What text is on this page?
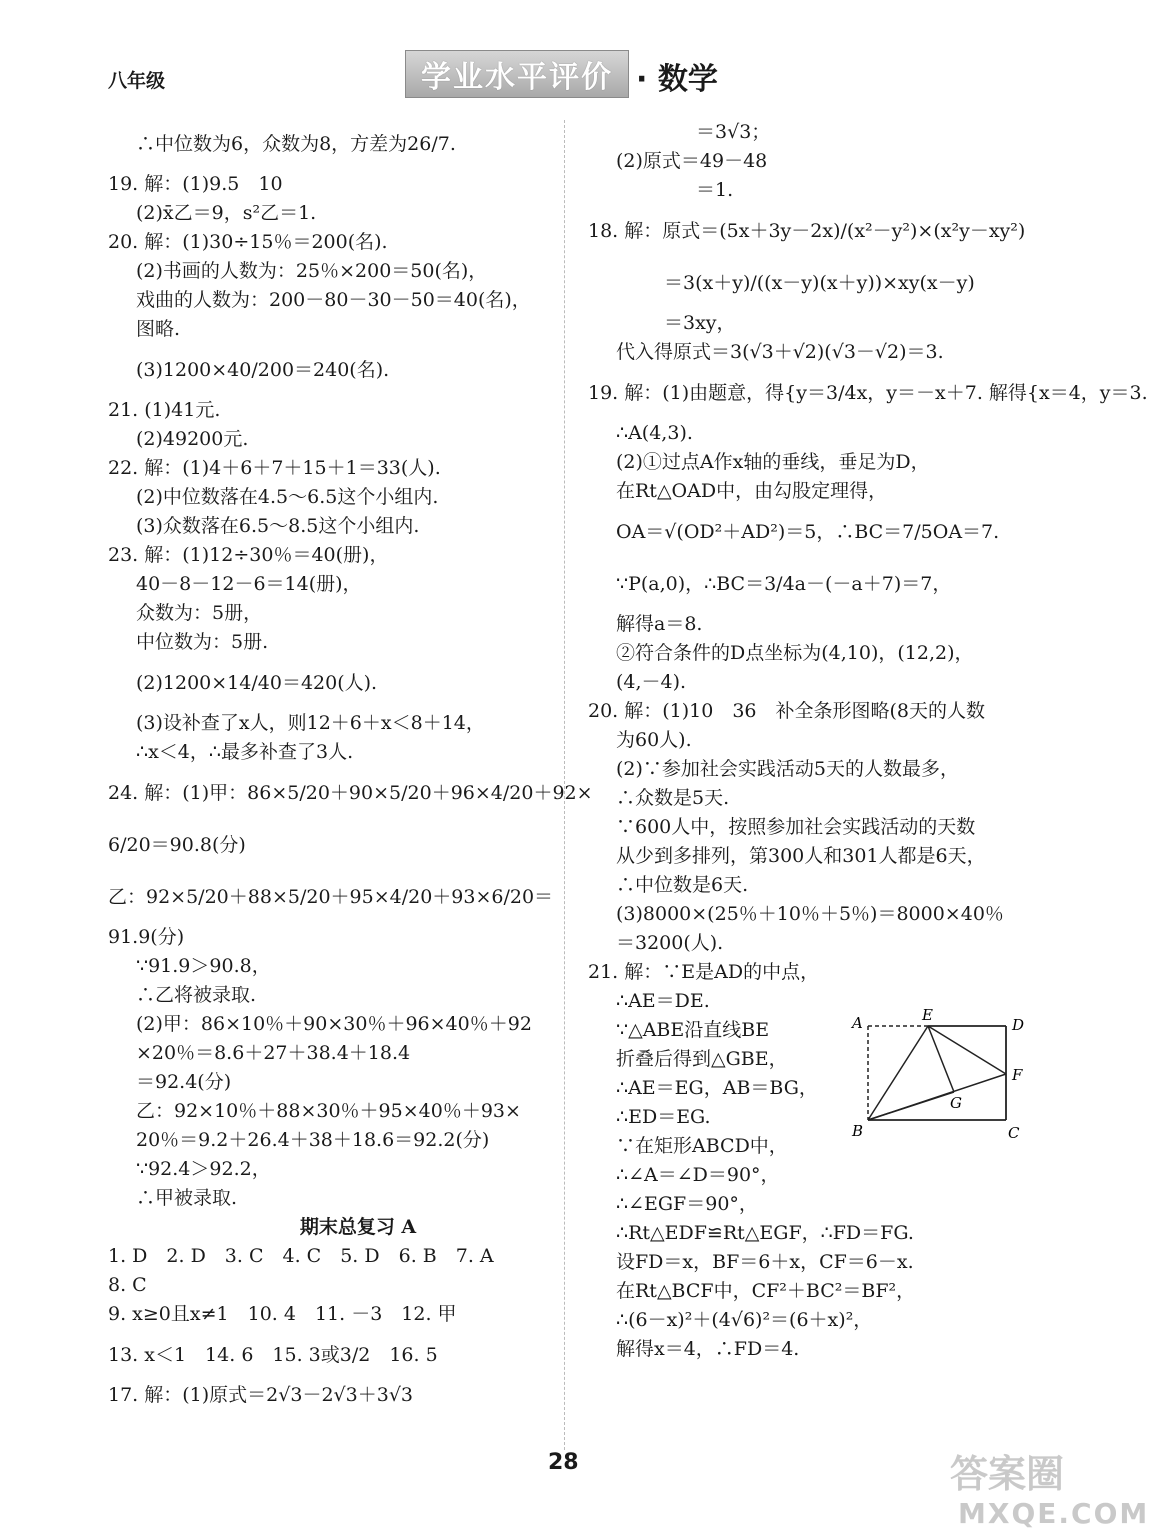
八年级	学业水平评价 · 数学
∴中位数为6，众数为8，方差为26/7.
19. 解：(1)9.5　10
(2)x̄乙＝9，s²乙＝1.
20. 解：(1)30÷15％＝200(名).
(2)书画的人数为：25％×200＝50(名)，
戏曲的人数为：200－80－30－50＝40(名)，
图略.
(3)1200×40/200＝240(名).
21. (1)41元.
(2)49200元.
22. 解：(1)4＋6＋7＋15＋1＝33(人).
(2)中位数落在4.5～6.5这个小组内.
(3)众数落在6.5～8.5这个小组内.
23. 解：(1)12÷30％＝40(册)，
40－8－12－6＝14(册)，
众数为：5册，
中位数为：5册.
(2)1200×14/40＝420(人).
(3)设补查了x人，则12＋6＋x＜8＋14，
∴x＜4，∴最多补查了3人.
24. 解：(1)甲：86×5/20＋90×5/20＋96×4/20＋92×
6/20＝90.8(分)
乙：92×5/20＋88×5/20＋95×4/20＋93×6/20＝
91.9(分)
∵91.9＞90.8，
∴乙将被录取.
(2)甲：86×10％＋90×30％＋96×40％＋92
×20％＝8.6＋27＋38.4＋18.4
＝92.4(分)
乙：92×10％＋88×30％＋95×40％＋93×
20％＝9.2＋26.4＋38＋18.6＝92.2(分)
∵92.4＞92.2，
∴甲被录取.
期末总复习 A
1. D　2. D　3. C　4. C　5. D　6. B　7. A
8. C
9. x≥0且x≠1　10. 4　11. －3　12. 甲
13. x＜1　14. 6　15. 3或3/2　16. 5
17. 解：(1)原式＝2√3－2√3＋3√3
＝3√3；
(2)原式＝49－48
＝1.
18. 解：原式＝(5x＋3y－2x)/(x²－y²)×(x²y－xy²)
＝3(x＋y)/((x－y)(x＋y))×xy(x－y)
＝3xy，
代入得原式＝3(√3＋√2)(√3－√2)＝3.
19. 解：(1)由题意，得{y＝3/4x，y＝－x＋7. 解得{x＝4，y＝3.
∴A(4,3).
(2)①过点A作x轴的垂线，垂足为D，
在Rt△OAD中，由勾股定理得，
OA＝√(OD²＋AD²)＝5，∴BC＝7/5OA＝7.
∵P(a,0)，∴BC＝3/4a－(－a＋7)＝7，
解得a＝8.
②符合条件的D点坐标为(4,10)，(12,2)，
(4,－4).
20. 解：(1)10　36　补全条形图略(8天的人数
为60人).
(2)∵参加社会实践活动5天的人数最多，
∴众数是5天.
∵600人中，按照参加社会实践活动的天数
从少到多排列，第300人和301人都是6天，
∴中位数是6天.
(3)8000×(25％＋10％＋5％)＝8000×40％
＝3200(人).
21. 解：∵E是AD的中点，
∴AE＝DE.
∵△ABE沿直线BE
折叠后得到△GBE，
∴AE＝EG，AB＝BG，
∴ED＝EG.
∵在矩形ABCD中，
∴∠A＝∠D＝90°，
∴∠EGF＝90°，
∴Rt△EDF≌Rt△EGF，∴FD＝FG.
设FD＝x，BF＝6＋x，CF＝6－x.
在Rt△BCF中，CF²＋BC²＝BF²，
∴(6－x)²＋(4√6)²＝(6＋x)²，
解得x＝4，∴FD＝4.
A	E
D
F
G
B	C
28	答案圈
MXQE.COM
